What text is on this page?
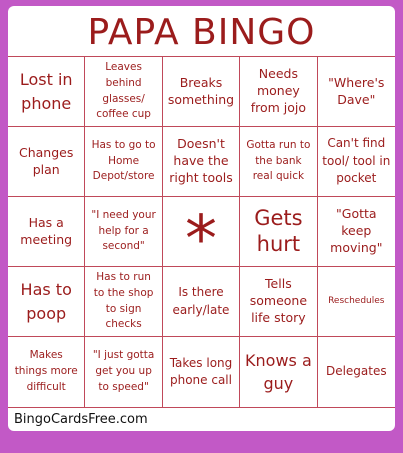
PAPA BINGO
Lost in phone
Leaves behind glasses/ coffee cup
Breaks something
Needs money from jojo
"Where's Dave"
Changes plan
Has to go to Home Depot/store
Doesn't have the right tools
Gotta run to the bank real quick
Can't find tool/ tool in pocket
Has a meeting
"I need your help for a second" *	Gets hurt
"Gotta keep moving"
Has to poop
Has to run to the shop to sign checks
Is there early/late
Tells someone life story
Reschedules
Makes things more difficult
"I just gotta get you up to speed"
Takes long phone call
Knows a guy
Delegates
BingoCardsFree.com
